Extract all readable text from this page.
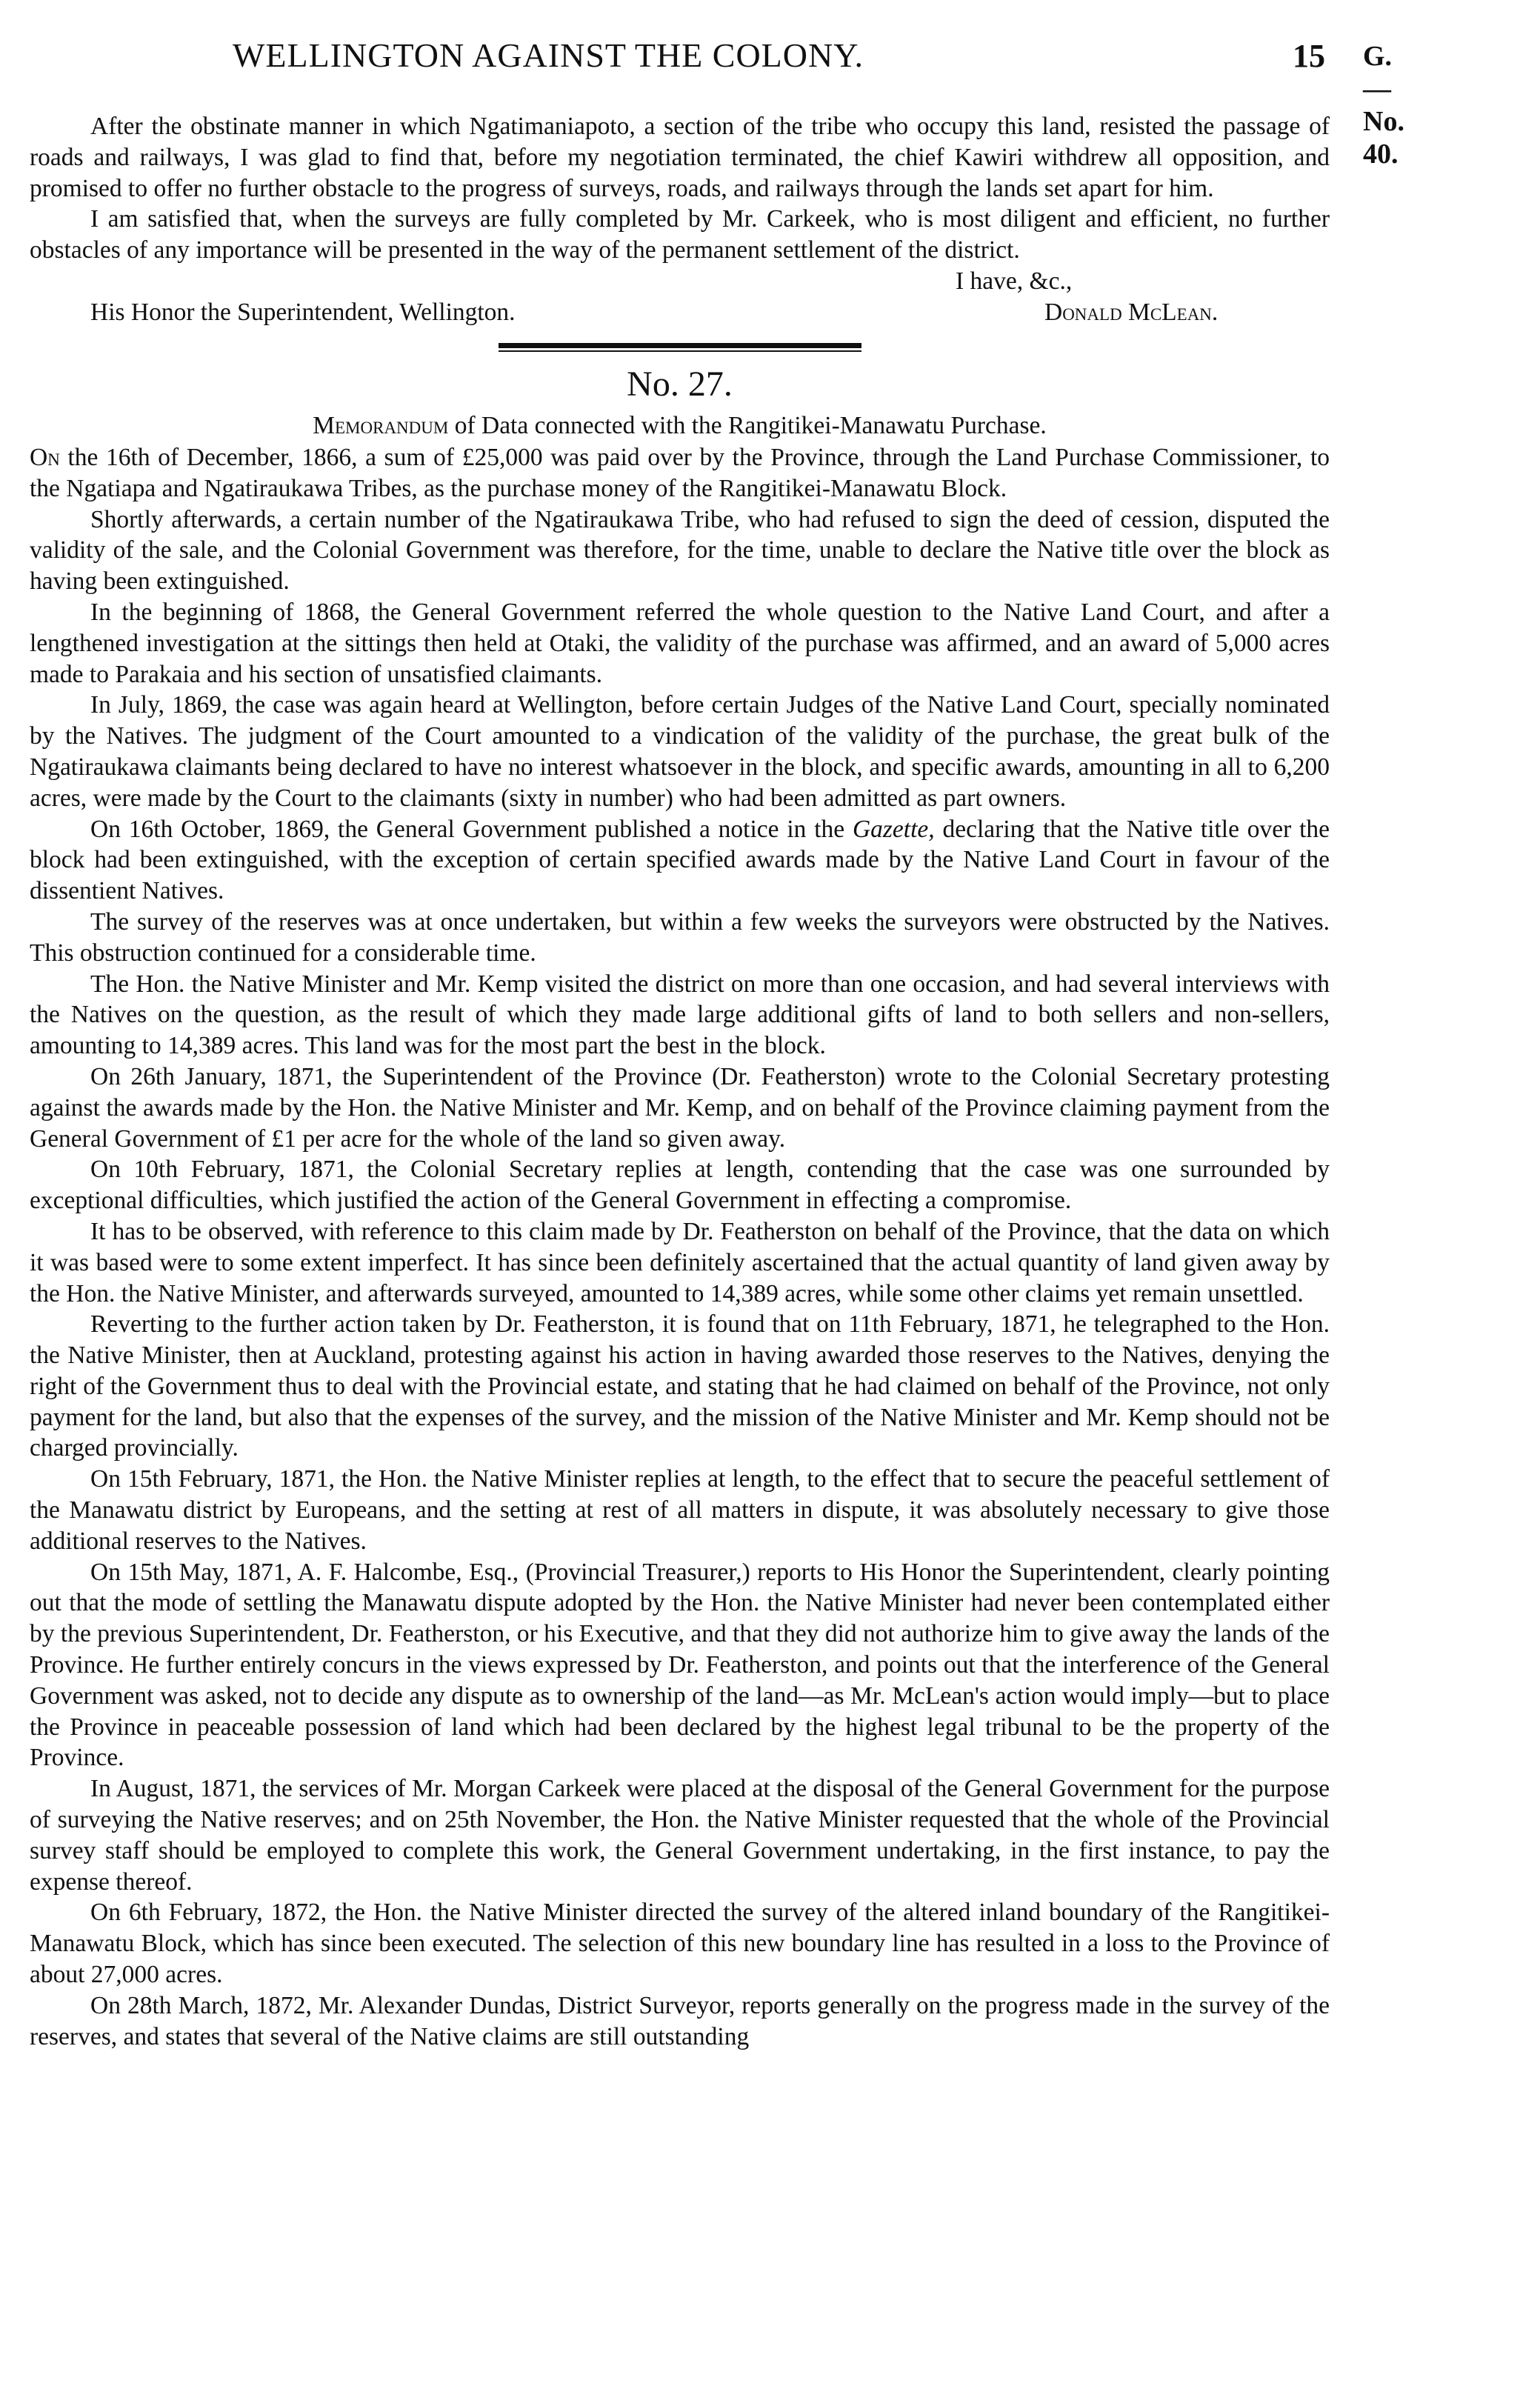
WELLINGTON AGAINST THE COLONY.	15 G.—No. 40.

After the obstinate manner in which Ngatimaniapoto, a section of the tribe who occupy this land, resisted the passage of roads and railways, I was glad to find that, before my negotiation terminated, the chief Kawiri withdrew all opposition, and promised to offer no further obstacle to the progress of surveys, roads, and railways through the lands set apart for him.

I am satisfied that, when the surveys are fully completed by Mr. Carkeek, who is most diligent and efficient, no further obstacles of any importance will be presented in the way of the permanent settlement of the district.

I have, &c.,
His Honor the Superintendent, Wellington.	Donald McLean.
No. 27.
Memorandum of Data connected with the Rangitikei-Manawatu Purchase.

On the 16th of December, 1866, a sum of £25,000 was paid over by the Province, through the Land Purchase Commissioner, to the Ngatiapa and Ngatiraukawa Tribes, as the purchase money of the Rangitikei-Manawatu Block.

Shortly afterwards, a certain number of the Ngatiraukawa Tribe, who had refused to sign the deed of cession, disputed the validity of the sale, and the Colonial Government was therefore, for the time, unable to declare the Native title over the block as having been extinguished.

In the beginning of 1868, the General Government referred the whole question to the Native Land Court, and after a lengthened investigation at the sittings then held at Otaki, the validity of the purchase was affirmed, and an award of 5,000 acres made to Parakaia and his section of unsatisfied claimants.

In July, 1869, the case was again heard at Wellington, before certain Judges of the Native Land Court, specially nominated by the Natives. The judgment of the Court amounted to a vindication of the validity of the purchase, the great bulk of the Ngatiraukawa claimants being declared to have no interest whatsoever in the block, and specific awards, amounting in all to 6,200 acres, were made by the Court to the claimants (sixty in number) who had been admitted as part owners.

On 16th October, 1869, the General Government published a notice in the Gazette, declaring that the Native title over the block had been extinguished, with the exception of certain specified awards made by the Native Land Court in favour of the dissentient Natives.

The survey of the reserves was at once undertaken, but within a few weeks the surveyors were obstructed by the Natives. This obstruction continued for a considerable time.

The Hon. the Native Minister and Mr. Kemp visited the district on more than one occasion, and had several interviews with the Natives on the question, as the result of which they made large additional gifts of land to both sellers and non-sellers, amounting to 14,389 acres. This land was for the most part the best in the block.

On 26th January, 1871, the Superintendent of the Province (Dr. Featherston) wrote to the Colonial Secretary protesting against the awards made by the Hon. the Native Minister and Mr. Kemp, and on behalf of the Province claiming payment from the General Government of £1 per acre for the whole of the land so given away.

On 10th February, 1871, the Colonial Secretary replies at length, contending that the case was one surrounded by exceptional difficulties, which justified the action of the General Government in effecting a compromise.

It has to be observed, with reference to this claim made by Dr. Featherston on behalf of the Province, that the data on which it was based were to some extent imperfect. It has since been definitely ascertained that the actual quantity of land given away by the Hon. the Native Minister, and afterwards surveyed, amounted to 14,389 acres, while some other claims yet remain unsettled.

Reverting to the further action taken by Dr. Featherston, it is found that on 11th February, 1871, he telegraphed to the Hon. the Native Minister, then at Auckland, protesting against his action in having awarded those reserves to the Natives, denying the right of the Government thus to deal with the Provincial estate, and stating that he had claimed on behalf of the Province, not only payment for the land, but also that the expenses of the survey, and the mission of the Native Minister and Mr. Kemp should not be charged provincially.

On 15th February, 1871, the Hon. the Native Minister replies at length, to the effect that to secure the peaceful settlement of the Manawatu district by Europeans, and the setting at rest of all matters in dispute, it was absolutely necessary to give those additional reserves to the Natives.

On 15th May, 1871, A. F. Halcombe, Esq., (Provincial Treasurer,) reports to His Honor the Superintendent, clearly pointing out that the mode of settling the Manawatu dispute adopted by the Hon. the Native Minister had never been contemplated either by the previous Superintendent, Dr. Featherston, or his Executive, and that they did not authorize him to give away the lands of the Province. He further entirely concurs in the views expressed by Dr. Featherston, and points out that the interference of the General Government was asked, not to decide any dispute as to ownership of the land—as Mr. McLean's action would imply—but to place the Province in peaceable possession of land which had been declared by the highest legal tribunal to be the property of the Province.

In August, 1871, the services of Mr. Morgan Carkeek were placed at the disposal of the General Government for the purpose of surveying the Native reserves; and on 25th November, the Hon. the Native Minister requested that the whole of the Provincial survey staff should be employed to complete this work, the General Government undertaking, in the first instance, to pay the expense thereof.

On 6th February, 1872, the Hon. the Native Minister directed the survey of the altered inland boundary of the Rangitikei-Manawatu Block, which has since been executed. The selection of this new boundary line has resulted in a loss to the Province of about 27,000 acres.

On 28th March, 1872, Mr. Alexander Dundas, District Surveyor, reports generally on the progress made in the survey of the reserves, and states that several of the Native claims are still outstanding
